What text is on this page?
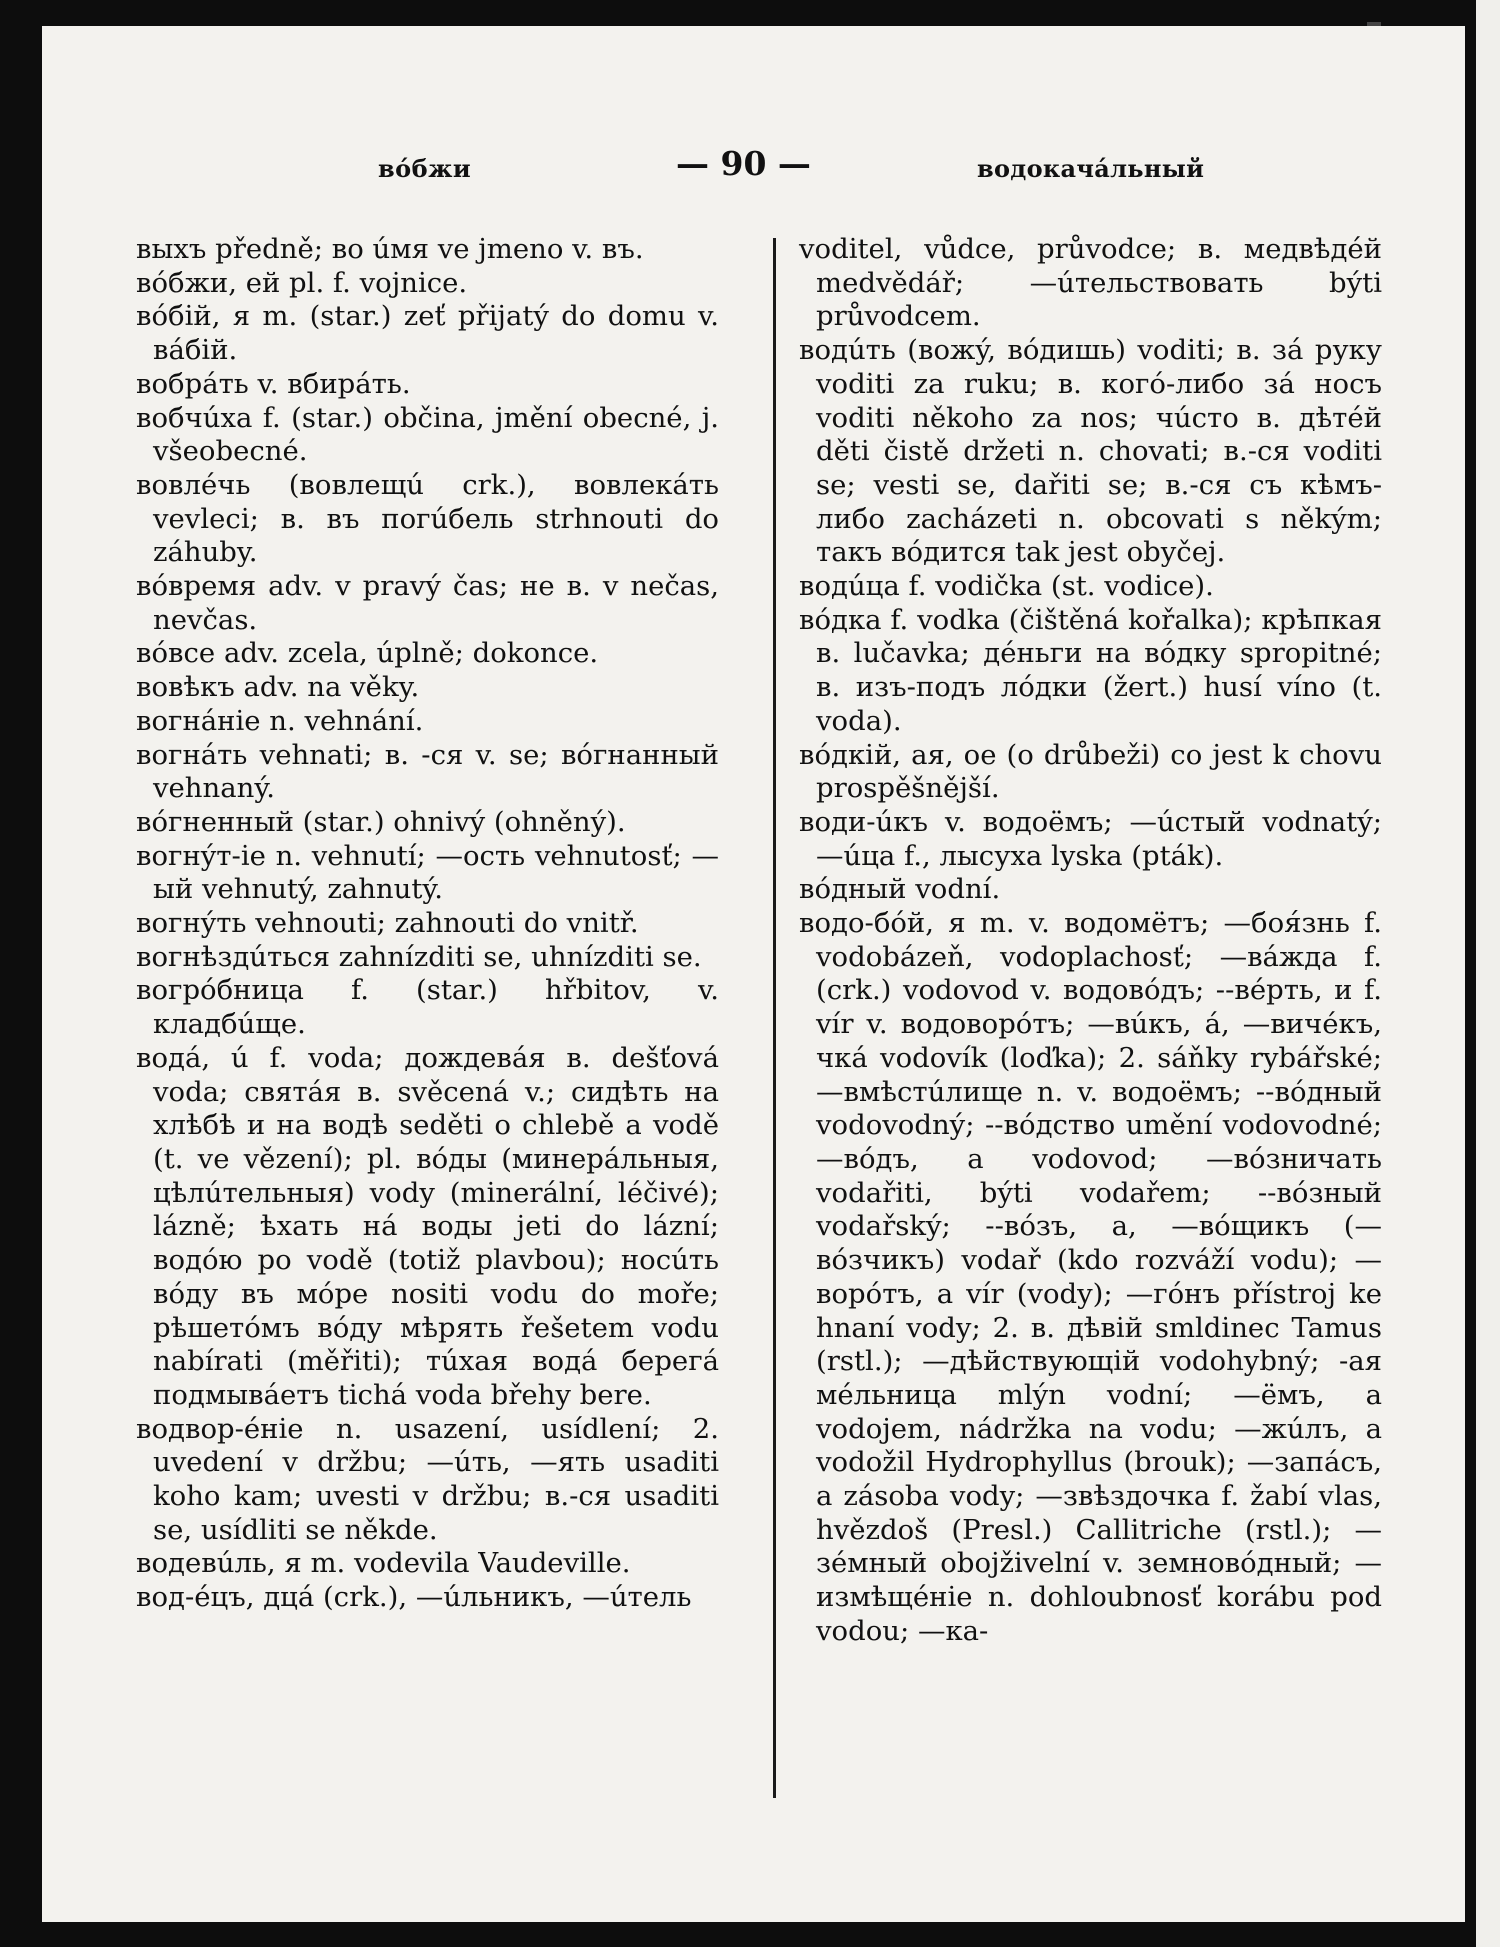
вóбжи	— 90 —	водокачáльный

выхъ předně; во úмя ve jmeno v. въ.

вóбжи, ей pl. f. vojnice.

вóбій, я m. (star.) zeť přijatý do domu v. вáбій.

вобрáть v. вбирáть.

вобчúха f. (star.) občina, jmění obecné, j. všeobecné.

вовлéчь (вовлещú crk.), вовлекáть vevleci; в. въ погúбель strhnouti do záhuby.

вóвремя adv. v pravý čas; не в. v nečas, nevčas.

вóвсе adv. zcela, úplně; dokonce.

вовѣкъ adv. na věky.

вогнáніе n. vehnání.

вогнáть vehnati; в. -ся v. se; вóгнанный vehnaný.

вóгненный (star.) ohnivý (ohněný).

вогнýт-іе n. vehnutí; —ость vehnutosť; —ый vehnutý, zahnutý.

вогнýть vehnouti; zahnouti do vnitř.

вогнѣздúться zahnízditi se, uhnízditi se.

вогрóбница f. (star.) hřbitov, v. кладбúще.

водá, ú f. voda; дождевáя в. dešťová voda; святáя в. svěcená v.; сидѣть на хлѣбѣ и на водѣ seděti o chlebě a vodě (t. ve vězení); pl. вóды (минерáльныя, цѣлúтельныя) vody (minerální, léčivé); lázně; ѣхать нá воды jeti do lázní; водóю po vodě (totiž plavbou); носúть вóду въ мóре nositi vodu do moře; рѣшетóмъ вóду мѣрять řešetem vodu nabírati (měřiti); тúхая водá берегá подмывáетъ tichá voda břehy bere.

водвор-éніе n. usazení, usídlení; 2. uvedení v držbu; —úть, —ять usaditi koho kam; uvesti v držbu; в.-ся usaditi se, usídliti se někde.

водевúль, я m. vodevila Vaudeville.

вод-éцъ, дцá (crk.), —úльникъ, —úтель

voditel, vůdce, průvodce; в. медвѣдéй medvědář; —úтельствовать býti průvodcem.

водúть (вожý, вóдишь) voditi; в. зá руку voditi za ruku; в. когó-либо зá носъ voditi někoho za nos; чúсто в. дѣтéй děti čistě držeti n. chovati; в.-ся voditi se; vesti se, dařiti se; в.-ся съ кѣмъ-либо zacházeti n. obcovati s někým; такъ вóдится tak jest obyčej.

водúца f. vodička (st. vodice).

вóдка f. vodka (čištěná kořalka); крѣпкая в. lučavka; дéньги на вóдку spropitné; в. изъ-подъ лóдки (žert.) husí víno (t. voda).

вóдкій, ая, ое (o drůbeži) co jest k chovu prospěšnější.

води-úкъ v. водоёмъ; —úстый vodnatý; —úца f., лысуха lyska (pták).

вóдный vodní.

водо-бóй, я m. v. водомётъ; —боя́знь f. vodobázeň, vodoplachosť; —вáжда f. (crk.) vodovod v. водовóдъ; --вéрть, и f. vír v. водоворóтъ; —вúкъ, á, —вичéкъ, чкá vodovík (loďka); 2. sáňky rybářské; —вмѣстúлище n. v. водоёмъ; --вóдный vodovodný; --вóдство umění vodovodné; —вóдъ, a vodovod; —вóзничать vodařiti, býti vodařem; --вóзный vodařský; --вóзъ, а, —вóщикъ (—вóзчикъ) vodař (kdo rozváží vodu); —ворóтъ, а vír (vody); —гóнъ přístroj ke hnaní vody; 2. в. дѣвій smldinec Tamus (rstl.); —дѣйствующій vodohybný; -ая мéльница mlýn vodní; —ёмъ, a vodojem, nádržka na vodu; —жúлъ, a vodožil Hydrophyllus (brouk); —запáсъ, a zásoba vody; —звѣздочка f. žabí vlas, hvězdoš (Presl.) Callitriche (rstl.); —зéмный obojživelní v. земновóдный; —измѣщéніе n. dohloubnosť korábu pod vodou; —ка-
